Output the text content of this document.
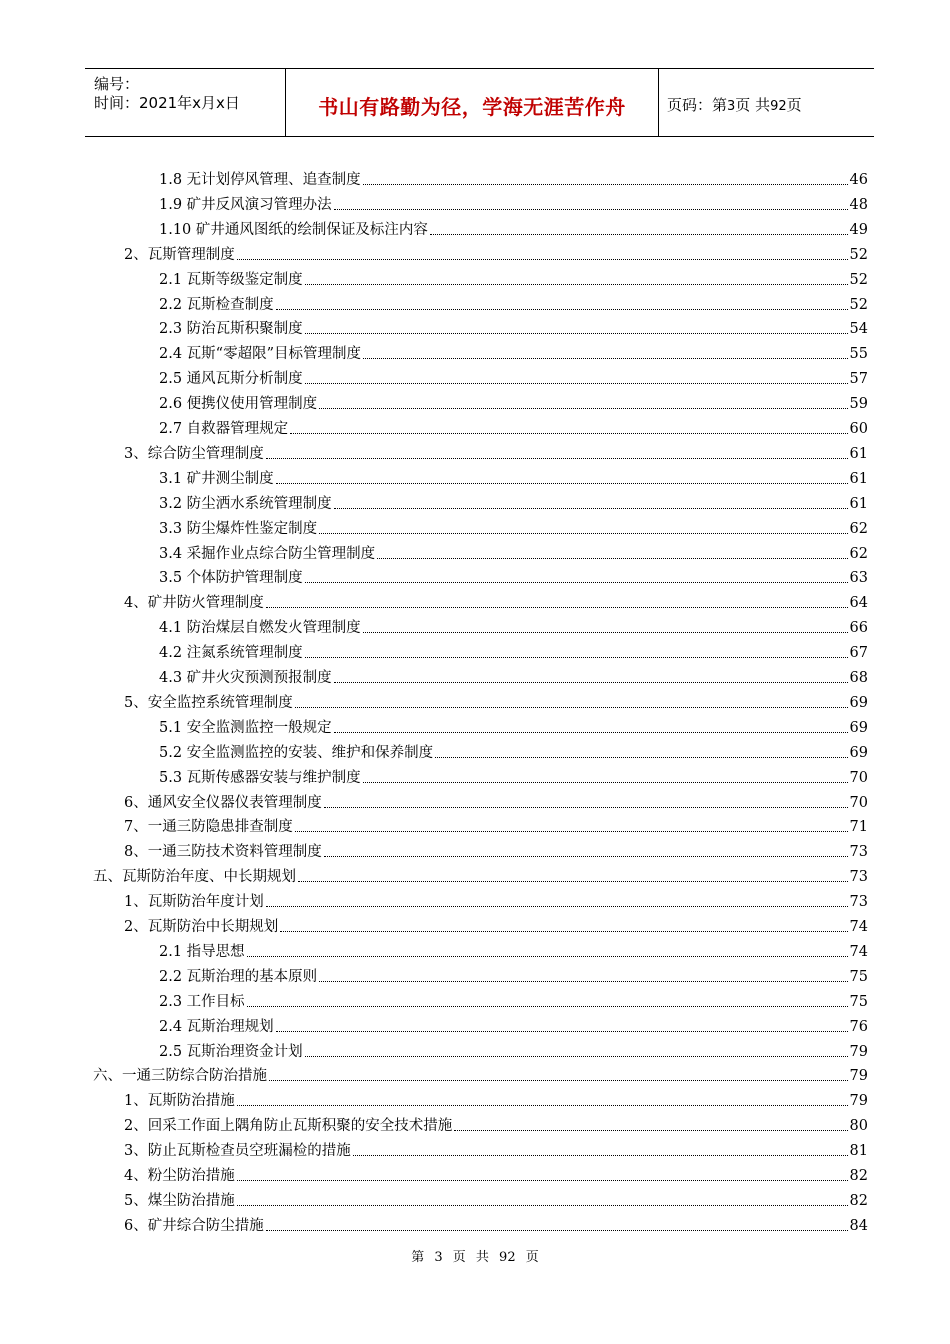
编号：
时间：2021年x月x日	书山有路勤为径，学海无涯苦作舟	页码：第3页 共92页
1.8 无计划停风管理、追查制度	46
1.9 矿井反风演习管理办法	48
1.10 矿井通风图纸的绘制保证及标注内容	49
2、瓦斯管理制度	52
2.1 瓦斯等级鉴定制度	52
2.2 瓦斯检查制度	52
2.3 防治瓦斯积聚制度	54
2.4 瓦斯“零超限”目标管理制度	55
2.5 通风瓦斯分析制度	57
2.6 便携仪使用管理制度	59
2.7 自救器管理规定	60
3、综合防尘管理制度	61
3.1 矿井测尘制度	61
3.2 防尘洒水系统管理制度	61
3.3 防尘爆炸性鉴定制度	62
3.4 采掘作业点综合防尘管理制度	62
3.5 个体防护管理制度	63
4、矿井防火管理制度	64
4.1 防治煤层自燃发火管理制度	66
4.2 注氮系统管理制度	67
4.3 矿井火灾预测预报制度	68
5、安全监控系统管理制度	69
5.1 安全监测监控一般规定	69
5.2 安全监测监控的安装、维护和保养制度	69
5.3 瓦斯传感器安装与维护制度	70
6、通风安全仪器仪表管理制度	70
7、一通三防隐患排查制度	71
8、一通三防技术资料管理制度	73
五、瓦斯防治年度、中长期规划	73
1、瓦斯防治年度计划	73
2、瓦斯防治中长期规划	74
2.1 指导思想	74
2.2 瓦斯治理的基本原则	75
2.3 工作目标	75
2.4 瓦斯治理规划	76
2.5 瓦斯治理资金计划	79
六、一通三防综合防治措施	79
1、瓦斯防治措施	79
2、回采工作面上隅角防止瓦斯积聚的安全技术措施	80
3、防止瓦斯检查员空班漏检的措施	81
4、粉尘防治措施	82
5、煤尘防治措施	82
6、矿井综合防尘措施	84
第 3 页 共 92 页
